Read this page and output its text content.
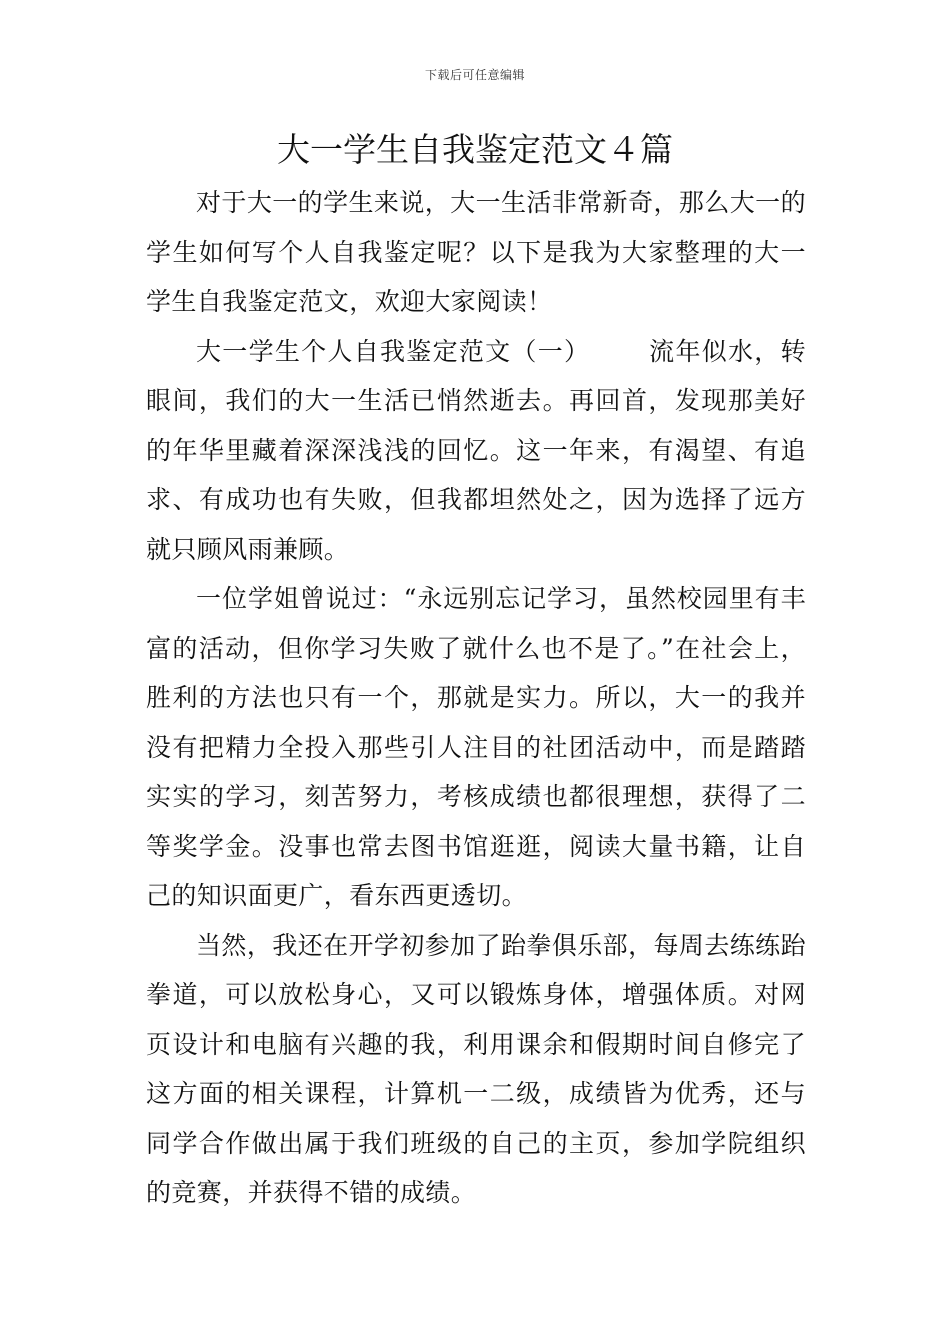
下载后可任意编辑
大一学生自我鉴定范文４篇

对于大一的学生来说，大一生活非常新奇，那么大一的学生如何写个人自我鉴定呢？以下是我为大家整理的大一学生自我鉴定范文，欢迎大家阅读！

大一学生个人自我鉴定范文（一） 流年似水，转眼间，我们的大一生活已悄然逝去。再回首，发现那美好的年华里藏着深深浅浅的回忆。这一年来，有渴望、有追求、有成功也有失败，但我都坦然处之，因为选择了远方就只顾风雨兼顾。

一位学姐曾说过：“永远别忘记学习，虽然校园里有丰富的活动，但你学习失败了就什么也不是了。”在社会上，胜利的方法也只有一个，那就是实力。所以，大一的我并没有把精力全投入那些引人注目的社团活动中，而是踏踏实实的学习，刻苦努力，考核成绩也都很理想，获得了二等奖学金。没事也常去图书馆逛逛，阅读大量书籍，让自己的知识面更广，看东西更透切。

当然，我还在开学初参加了跆拳俱乐部，每周去练练跆拳道，可以放松身心，又可以锻炼身体，增强体质。对网页设计和电脑有兴趣的我，利用课余和假期时间自修完了这方面的相关课程，计算机一二级，成绩皆为优秀，还与同学合作做出属于我们班级的自己的主页，参加学院组织的竞赛，并获得不错的成绩。
